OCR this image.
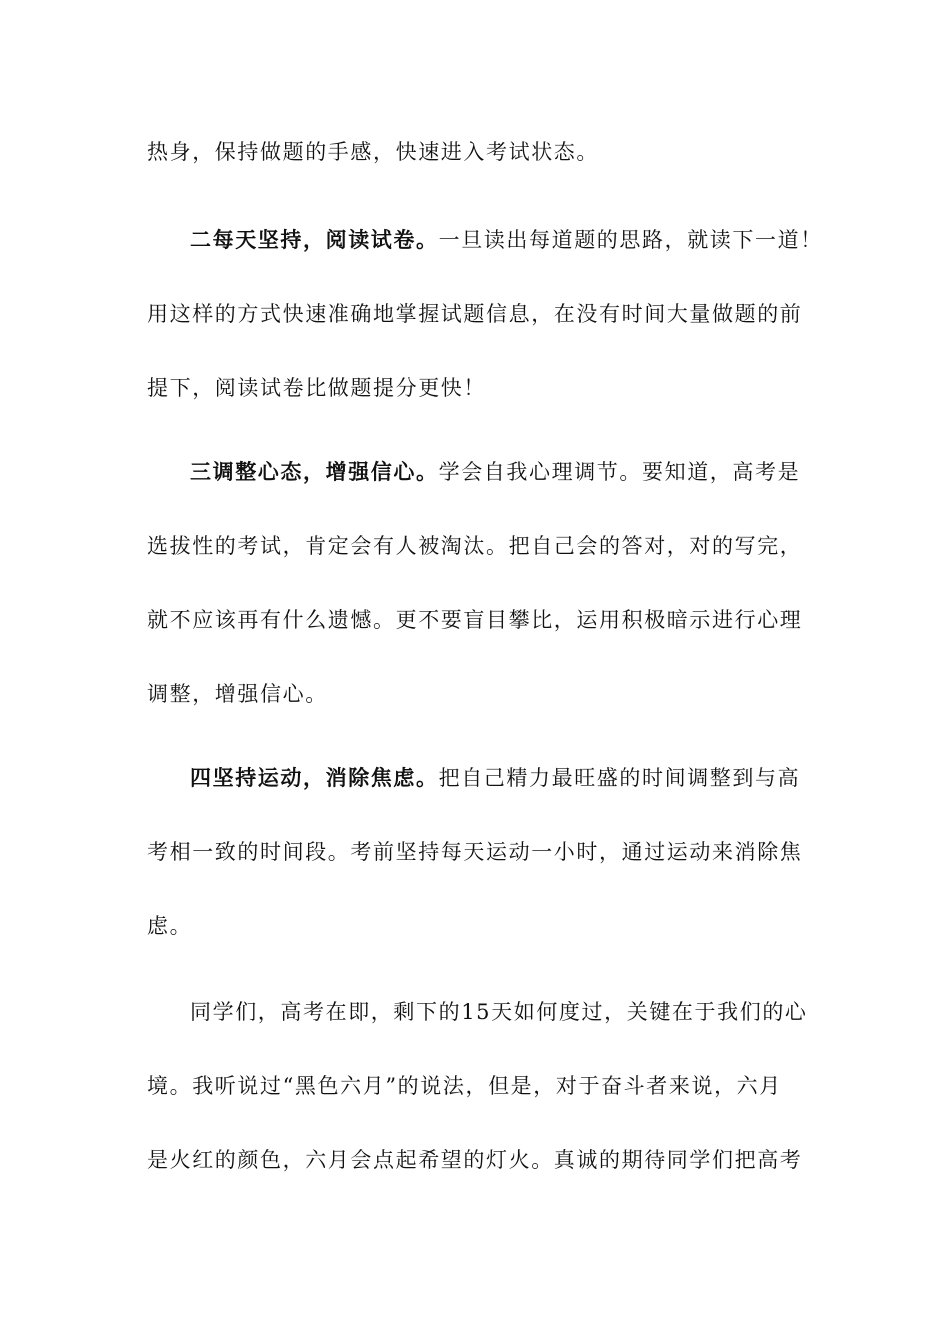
热身，保持做题的手感，快速进入考试状态。
二每天坚持，阅读试卷。一旦读出每道题的思路，就读下一道！
用这样的方式快速准确地掌握试题信息，在没有时间大量做题的前
提下，阅读试卷比做题提分更快！
三调整心态，增强信心。学会自我心理调节。要知道，高考是
选拔性的考试，肯定会有人被淘汰。把自己会的答对，对的写完，
就不应该再有什么遗憾。更不要盲目攀比，运用积极暗示进行心理
调整，增强信心。
四坚持运动，消除焦虑。把自己精力最旺盛的时间调整到与高
考相一致的时间段。考前坚持每天运动一小时，通过运动来消除焦
虑。
同学们，高考在即，剩下的15天如何度过，关键在于我们的心
境。我听说过“黑色六月”的说法，但是，对于奋斗者来说，六月
是火红的颜色，六月会点起希望的灯火。真诚的期待同学们把高考
